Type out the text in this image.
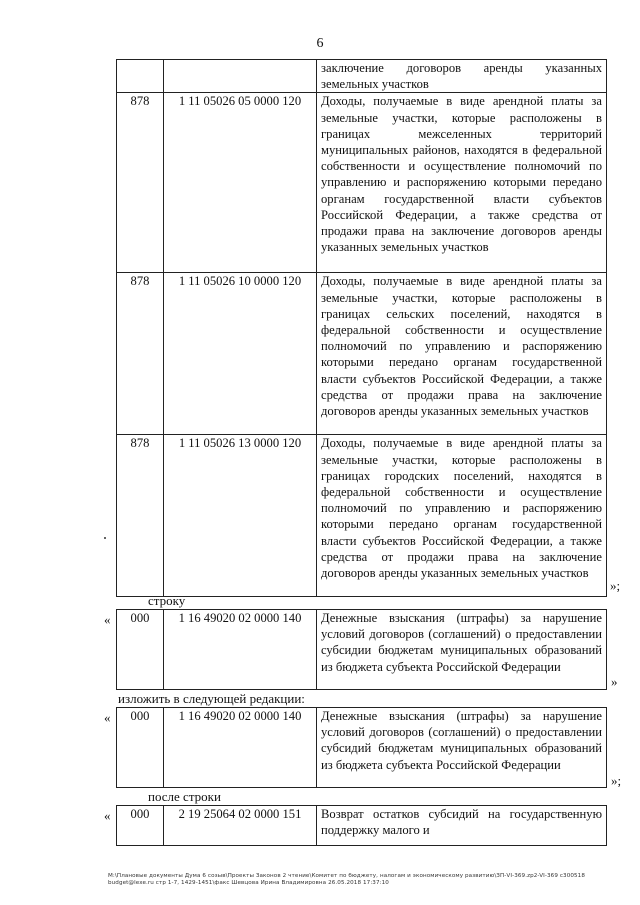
6
		заключение договоров аренды указанных земельных участков
878	1 11 05026 05 0000 120	Доходы, получаемые в виде арендной платы за земельные участки, которые расположены в границах межселенных территорий муниципальных районов, находятся в федеральной собственности и осуществление полномочий по управлению и распоряжению которыми передано органам государственной власти субъектов Российской Федерации, а также средства от продажи права на заключение договоров аренды указанных земельных участков
878	1 11 05026 10 0000 120	Доходы, получаемые в виде арендной платы за земельные участки, которые расположены в границах сельских поселений, находятся в федеральной собственности и осуществление полномочий по управлению и распоряжению которыми передано органам государственной власти субъектов Российской Федерации, а также средства от продажи права на заключение договоров аренды указанных земельных участков
878	1 11 05026 13 0000 120	Доходы, получаемые в виде арендной платы за земельные участки, которые расположены в границах городских поселений, находятся в федеральной собственности и осуществление полномочий по управлению и распоряжению которыми передано органам государственной власти субъектов Российской Федерации, а также средства от продажи права на заключение договоров аренды указанных земельных участков
»;
строку
« 000	1 16 49020 02 0000 140	Денежные взыскания (штрафы) за нарушение условий договоров (соглашений) о предоставлении субсидии бюджетам муниципальных образований из бюджета субъекта Российской Федерации
»
изложить в следующей редакции:
« 000	1 16 49020 02 0000 140	Денежные взыскания (штрафы) за нарушение условий договоров (соглашений) о предоставлении субсидий бюджетам муниципальных образований из бюджета субъекта Российской Федерации
»;
после строки
« 000	2 19 25064 02 0000 151	Возврат остатков субсидий на государственную поддержку малого и
M:\Плановые документы Дума 6 созыв\Проекты Законов 2 чтение\Комитет по бюджету, налогам и экономическому развитию\ЗП-VI-369.zp2-VI-369 с300518 budget@lexe.ru стр 1-7, 1429-1451\факс Шевцова Ирина Владимировна 26.05.2018 17:37:10
